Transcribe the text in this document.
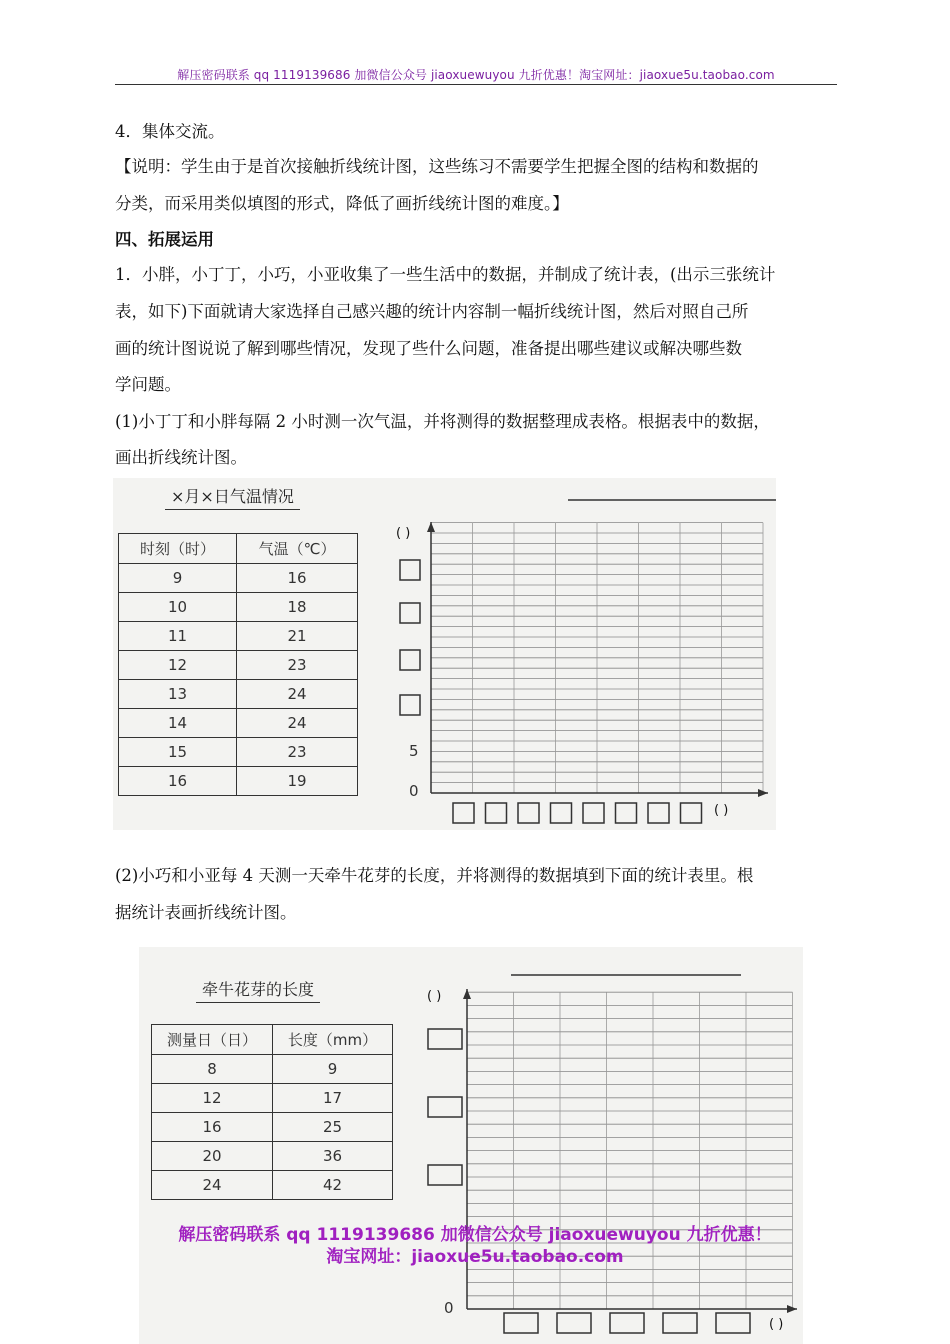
解压密码联系 qq 1119139686 加微信公众号 jiaoxuewuyou 九折优惠！淘宝网址：jiaoxue5u.taobao.com

4．集体交流。

【说明：学生由于是首次接触折线统计图，这些练习不需要学生把握全图的结构和数据的

分类，而采用类似填图的形式，降低了画折线统计图的难度。】

四、拓展运用

1．小胖，小丁丁，小巧，小亚收集了一些生活中的数据，并制成了统计表，(出示三张统计

表，如下)下面就请大家选择自己感兴趣的统计内容制一幅折线统计图，然后对照自己所

画的统计图说说了解到哪些情况，发现了些什么问题，准备提出哪些建议或解决哪些数

学问题。

(1)小丁丁和小胖每隔 2 小时测一次气温，并将测得的数据整理成表格。根据表中的数据，

画出折线统计图。

×月×日气温情况
时刻（时）	气温（℃）
9	16
10	18
11	21
12	23
13	24
14	24
15	23
16	19
( )
5
0
( )

(2)小巧和小亚每 4 天测一天牵牛花芽的长度，并将测得的数据填到下面的统计表里。根

据统计表画折线统计图。

牵牛花芽的长度
测量日（日）	长度（mm）
8	9
12	17
16	25
20	36
24	42
( )
0
( )
解压密码联系 qq 1119139686 加微信公众号 jiaoxuewuyou 九折优惠！
淘宝网址：jiaoxue5u.taobao.com
